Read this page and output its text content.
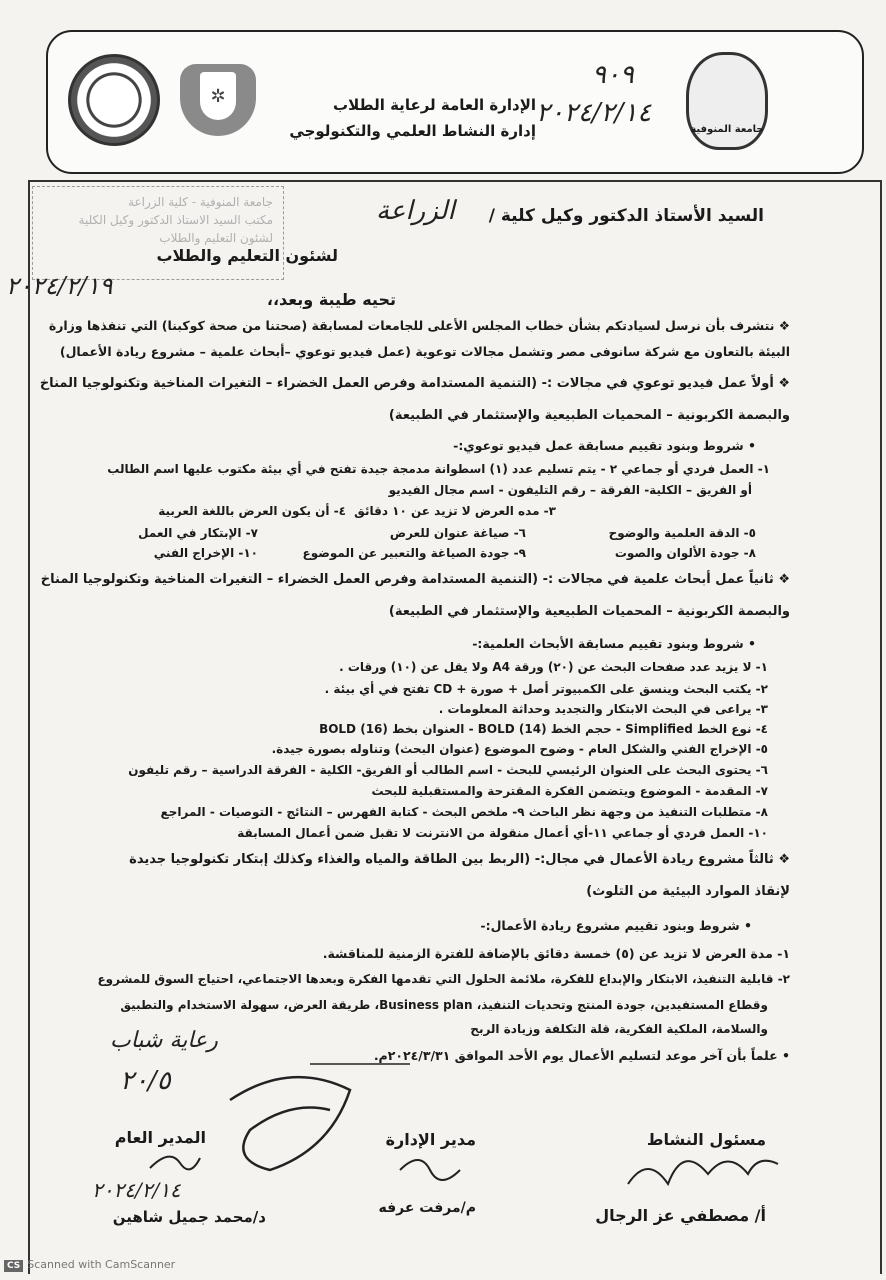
جامعة المنوفية
✲	الإدارة العامة لرعاية الطلاب
إدارة النشاط العلمي والتكنولوجي
٩٠٩
٢٠٢٤/٢/١٤
جامعة المنوفية - كلية الزراعة
مكتب السيد الاستاذ الدكتور وكيل الكلية
لشئون التعليم والطلاب
٢٠٢٤/٢/١٩
السيد الأستاذ الدكتور وكيل كلية /
الزراعة
لشئون التعليم والطلاب
تحيه طيبة وبعد،،
❖ نتشرف بأن نرسل لسيادتكم بشأن خطاب المجلس الأعلى للجامعات لمسابقة (صحتنا من صحة كوكبنا) التي تنفذها وزارة
البيئة بالتعاون مع شركة سانوفى مصر وتشمل مجالات توعوية (عمل فيديو توعوي –أبحاث علمية – مشروع ريادة الأعمال)
❖ أولاً عمل فيديو توعوي في مجالات :- (التنمية المستدامة وفرص العمل الخضراء – التغيرات المناخية وتكنولوجيا المناخ
والبصمة الكربونية – المحميات الطبيعية والإستثمار في الطبيعة)
• شروط وبنود تقييم مسابقة عمل فيديو توعوي:-
١- العمل فردي أو جماعي ٢ - يتم تسليم عدد (١) اسطوانة مدمجة جيدة تفتح في أي بيئة مكتوب عليها اسم الطالب
أو الفريق – الكلية- الفرقة – رقم التليفون - اسم مجال الفيديو
٣- مده العرض لا تزيد عن ١٠ دقائق
٤- أن يكون العرض باللغة العربية
٥- الدقة العلمية والوضوح
٦- صياغة عنوان للعرض
٧- الإبتكار في العمل
٨- جودة الألوان والصوت
٩- جودة الصياغة والتعبير عن الموضوع
١٠- الإخراج الفني
❖ ثانياً عمل أبحاث علمية في مجالات :- (التنمية المستدامة وفرص العمل الخضراء – التغيرات المناخية وتكنولوجيا المناخ
والبصمة الكربونية – المحميات الطبيعية والإستثمار في الطبيعة)
• شروط وبنود تقييم مسابقة الأبحاث العلمية:-
١- لا يزيد عدد صفحات البحث عن (٢٠) ورقة A4 ولا يقل عن (١٠) ورقات .
٢- يكتب البحث وينسق على الكمبيوتر أصل + صورة + CD تفتح في أي بيئة .
٣- يراعى في البحث الابتكار والتجديد وحداثة المعلومات .
٤- نوع الخط Simplified - حجم الخط (14) BOLD - العنوان بخط (16) BOLD
٥- الإخراج الفني والشكل العام - وضوح الموضوع (عنوان البحث) وتناوله بصورة جيدة.
٦- يحتوى البحث على العنوان الرئيسي للبحث - اسم الطالب أو الفريق- الكلية - الفرقة الدراسية – رقم تليفون
٧- المقدمة - الموضوع ويتضمن الفكرة المقترحة والمستقبلية للبحث
٨- متطلبات التنفيذ من وجهة نظر الباحث ٩- ملخص البحث - كتابة الفهرس – النتائج - التوصيات - المراجع
١٠- العمل فردي أو جماعي ١١-أي أعمال منقولة من الانترنت لا تقبل ضمن أعمال المسابقة
❖ ثالثاً مشروع ريادة الأعمال في مجال:- (الربط بين الطاقة والمياه والغذاء وكذلك إبتكار تكنولوجيا جديدة
لإنقاذ الموارد البيئية من التلوث)
• شروط وبنود تقييم مشروع ريادة الأعمال:-
١- مدة العرض لا تزيد عن (٥) خمسة دقائق بالإضافة للفترة الزمنية للمناقشة.
٢- قابلية التنفيذ، الابتكار والإبداع للفكرة، ملائمة الحلول التي تقدمها الفكرة وبعدها الاجتماعي، احتياج السوق للمشروع
وقطاع المستفيدين، جودة المنتج وتحديات التنفيذ، Business plan، طريقة العرض، سهولة الاستخدام والتطبيق
والسلامة، الملكية الفكرية، قلة التكلفة وزيادة الربح
• علماً بأن آخر موعد لتسليم الأعمال يوم الأحد الموافق ٢٠٢٤/٣/٣١م.
رعاية شباب
٢٠/٥
مسئول النشاط
أ/ مصطفي عز الرجال
مدير الإدارة
م/مرفت عرفه
المدير العام
د/محمد جميل شاهين
٢٠٢٤/٢/١٤
CS Scanned with CamScanner
